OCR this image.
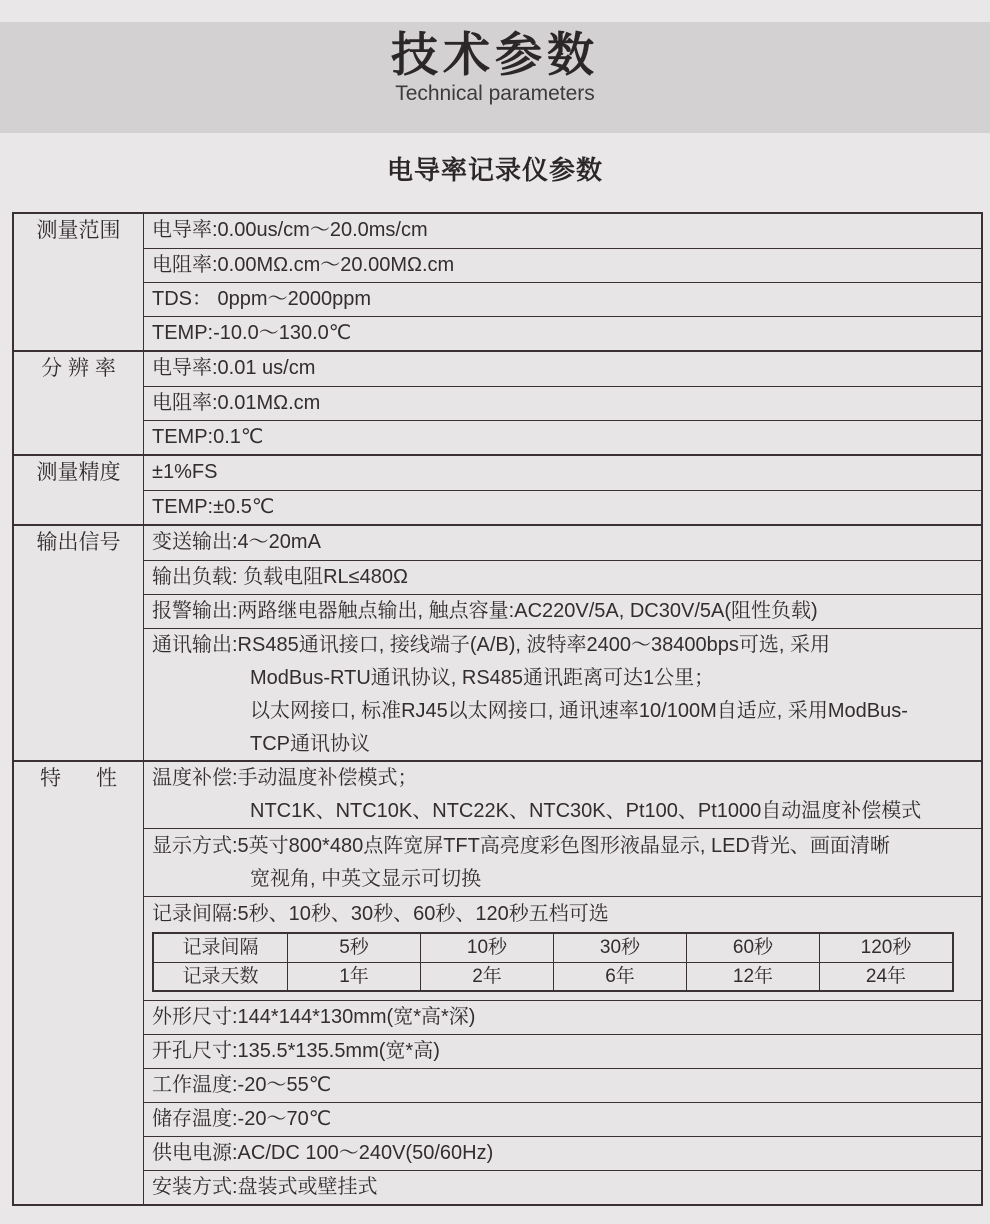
技术参数
Technical parameters
电导率记录仪参数
测量范围	电导率:0.00us/cm～20.0ms/cm
电阻率:0.00MΩ.cm～20.00MΩ.cm
TDS： 0ppm～2000ppm
TEMP:-10.0～130.0℃
分 辨 率	电导率:0.01 us/cm
电阻率:0.01MΩ.cm
TEMP:0.1℃
测量精度	±1%FS
TEMP:±0.5℃
输出信号	变送输出:4～20mA
输出负载: 负载电阻RL≤480Ω
报警输出:两路继电器触点输出, 触点容量:AC220V/5A, DC30V/5A(阻性负载)
通讯输出:RS485通讯接口, 接线端子(A/B), 波特率2400～38400bps可选, 采用
ModBus-RTU通讯协议, RS485通讯距离可达1公里；
以太网接口, 标准RJ45以太网接口, 通讯速率10/100M自适应, 采用ModBus-
TCP通讯协议
特      性	温度补偿:手动温度补偿模式；
NTC1K、NTC10K、NTC22K、NTC30K、Pt100、Pt1000自动温度补偿模式
显示方式:5英寸800*480点阵宽屏TFT高亮度彩色图形液晶显示, LED背光、画面清晰
宽视角, 中英文显示可切换
记录间隔:5秒、10秒、30秒、60秒、120秒五档可选
记录间隔	5秒	10秒	30秒	60秒	120秒
记录天数	1年	2年	6年	12年	24年
外形尺寸:144*144*130mm(宽*高*深)
开孔尺寸:135.5*135.5mm(宽*高)
工作温度:-20～55℃
储存温度:-20～70℃
供电电源:AC/DC 100～240V(50/60Hz)
安装方式:盘装式或壁挂式
